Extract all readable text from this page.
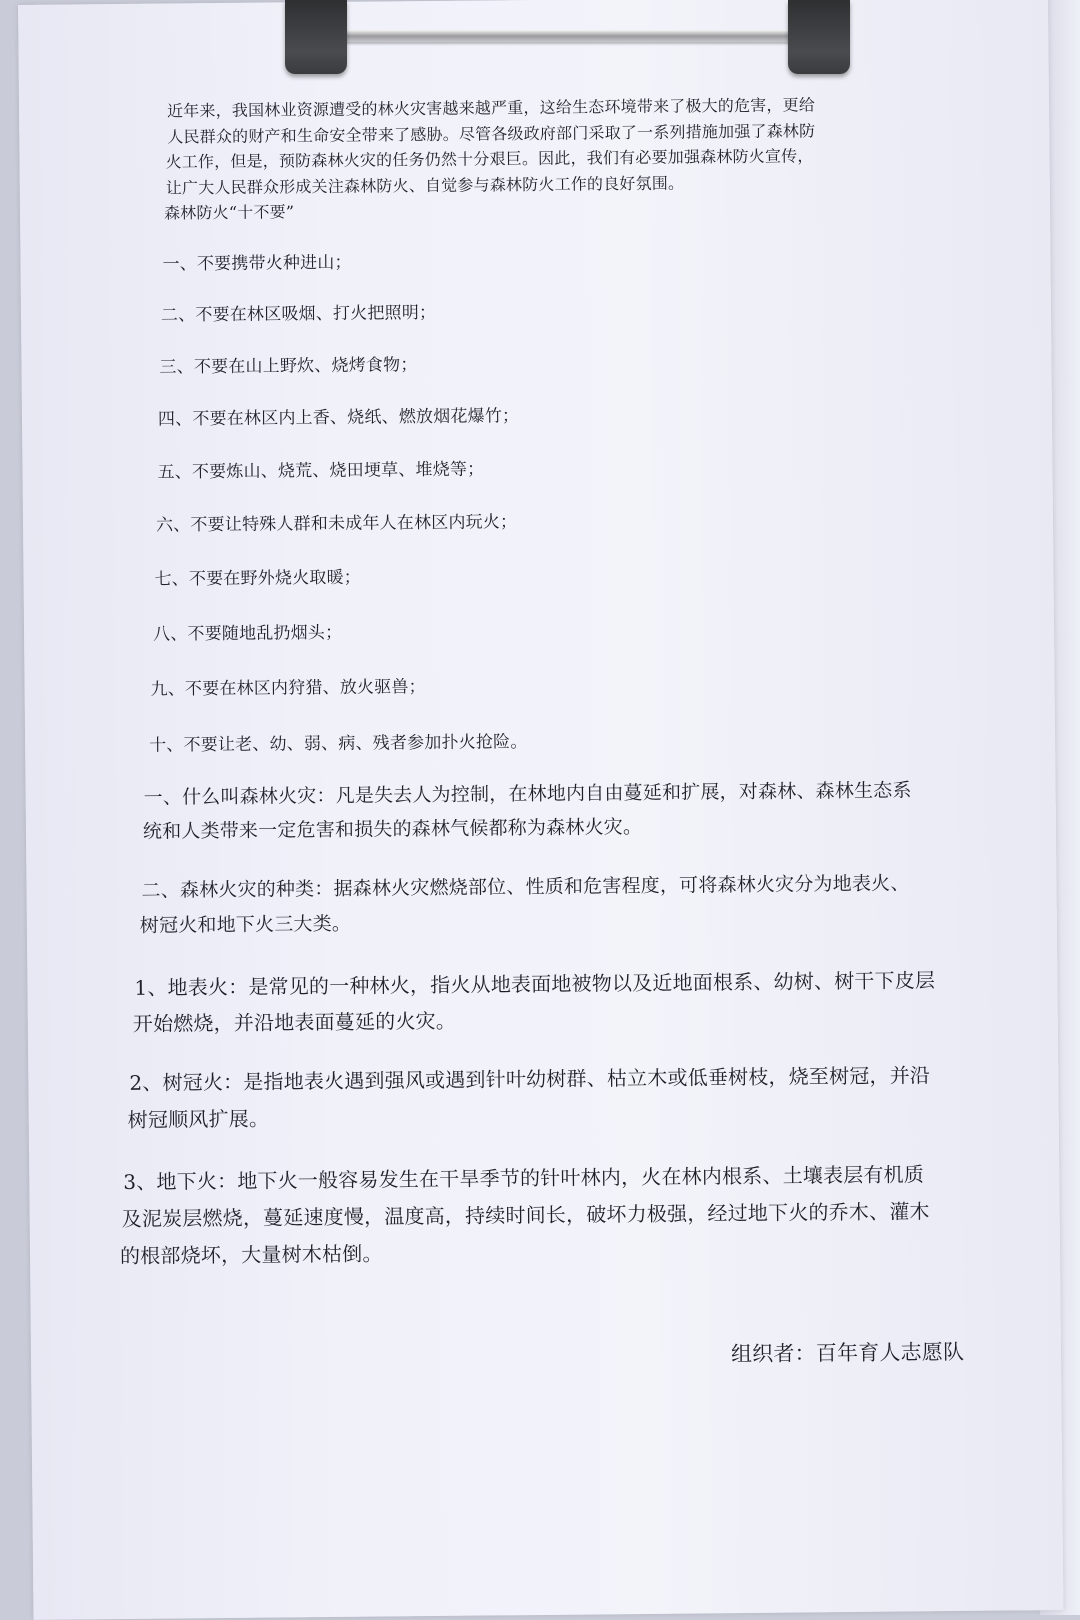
近年来，我国林业资源遭受的林火灾害越来越严重，这给生态环境带来了极大的危害，更给
人民群众的财产和生命安全带来了感胁。尽管各级政府部门采取了一系列措施加强了森林防
火工作，但是，预防森林火灾的任务仍然十分艰巨。因此，我们有必要加强森林防火宣传，
让广大人民群众形成关注森林防火、自觉参与森林防火工作的良好氛围。
森林防火“十不要”
一、不要携带火种进山；
二、不要在林区吸烟、打火把照明；
三、不要在山上野炊、烧烤食物；
四、不要在林区内上香、烧纸、燃放烟花爆竹；
五、不要炼山、烧荒、烧田埂草、堆烧等；
六、不要让特殊人群和未成年人在林区内玩火；
七、不要在野外烧火取暖；
八、不要随地乱扔烟头；
九、不要在林区内狩猎、放火驱兽；
十、不要让老、幼、弱、病、残者参加扑火抢险。
一、什么叫森林火灾：凡是失去人为控制，在林地内自由蔓延和扩展，对森林、森林生态系
统和人类带来一定危害和损失的森林气候都称为森林火灾。
二、森林火灾的种类：据森林火灾燃烧部位、性质和危害程度，可将森林火灾分为地表火、
树冠火和地下火三大类。
1、地表火：是常见的一种林火，指火从地表面地被物以及近地面根系、幼树、树干下皮层
开始燃烧，并沿地表面蔓延的火灾。
2、树冠火：是指地表火遇到强风或遇到针叶幼树群、枯立木或低垂树枝，烧至树冠，并沿
树冠顺风扩展。
3、地下火：地下火一般容易发生在干旱季节的针叶林内，火在林内根系、土壤表层有机质
及泥炭层燃烧，蔓延速度慢，温度高，持续时间长，破坏力极强，经过地下火的乔木、灌木
的根部烧坏，大量树木枯倒。
组织者：百年育人志愿队
